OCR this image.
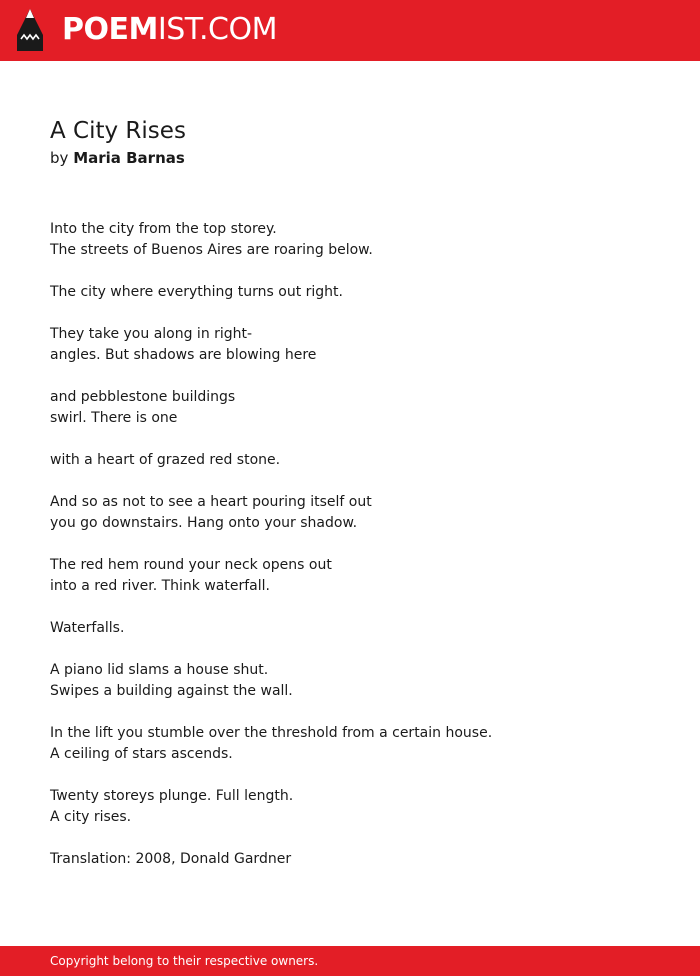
POEMIST.COM
A City Rises
by Maria Barnas
Into the city from the top storey.
The streets of Buenos Aires are roaring below.
The city where everything turns out right.
They take you along in right-
angles. But shadows are blowing here
and pebblestone buildings
swirl. There is one
with a heart of grazed red stone.
And so as not to see a heart pouring itself out
you go downstairs. Hang onto your shadow.
The red hem round your neck opens out
into a red river. Think waterfall.
Waterfalls.
A piano lid slams a house shut.
Swipes a building against the wall.
In the lift you stumble over the threshold from a certain house.
A ceiling of stars ascends.
Twenty storeys plunge. Full length.
A city rises.
Translation: 2008, Donald Gardner
Copyright belong to their respective owners.
